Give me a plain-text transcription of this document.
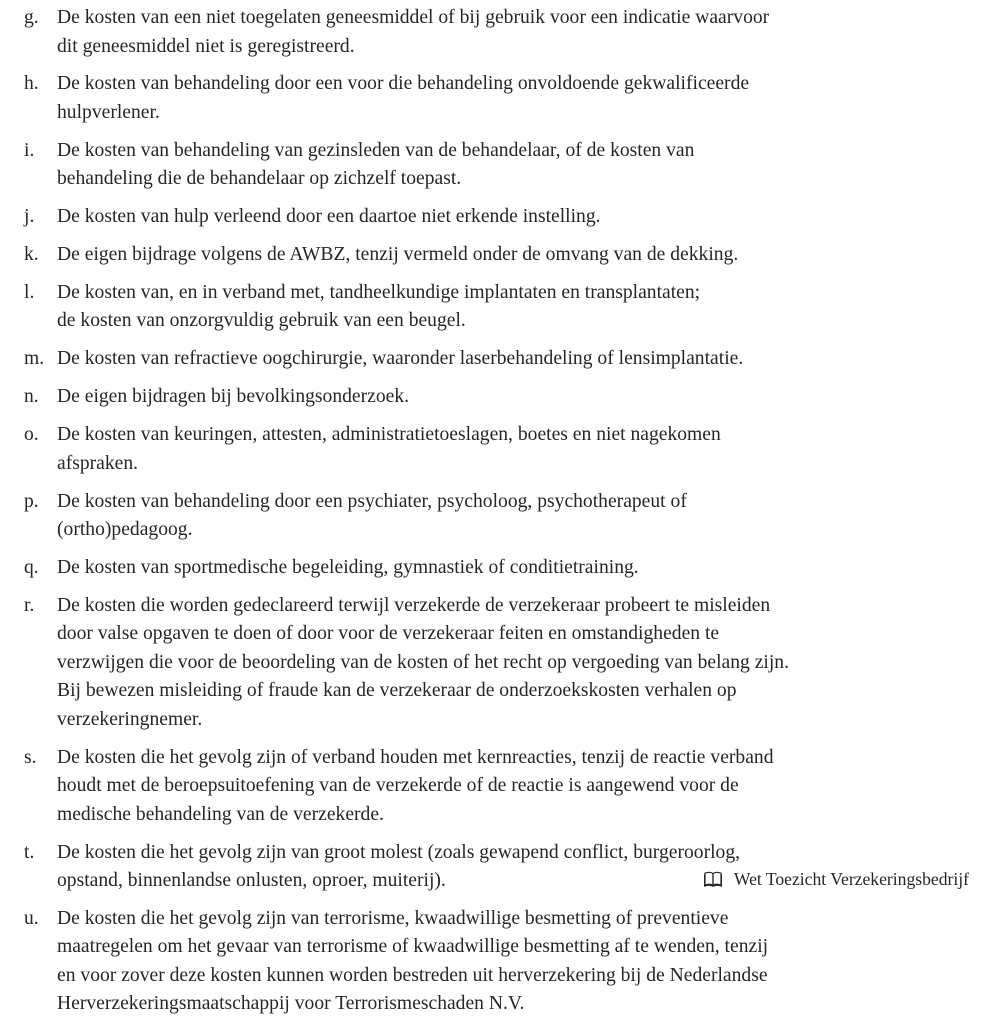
g. De kosten van een niet toegelaten geneesmiddel of bij gebruik voor een indicatie waarvoor
dit geneesmiddel niet is geregistreerd.
h. De kosten van behandeling door een voor die behandeling onvoldoende gekwalificeerde
hulpverlener.
i. De kosten van behandeling van gezinsleden van de behandelaar, of de kosten van
behandeling die de behandelaar op zichzelf toepast.
j. De kosten van hulp verleend door een daartoe niet erkende instelling.
k. De eigen bijdrage volgens de AWBZ, tenzij vermeld onder de omvang van de dekking.
l. De kosten van, en in verband met, tandheelkundige implantaten en transplantaten;
de kosten van onzorgvuldig gebruik van een beugel.
m. De kosten van refractieve oogchirurgie, waaronder laserbehandeling of lensimplantatie.
n. De eigen bijdragen bij bevolkingsonderzoek.
o. De kosten van keuringen, attesten, administratietoeslagen, boetes en niet nagekomen
afspraken.
p. De kosten van behandeling door een psychiater, psycholoog, psychotherapeut of
(ortho)pedagoog.
q. De kosten van sportmedische begeleiding, gymnastiek of conditietraining.
r. De kosten die worden gedeclareerd terwijl verzekerde de verzekeraar probeert te misleiden
door valse opgaven te doen of door voor de verzekeraar feiten en omstandigheden te
verzwijgen die voor de beoordeling van de kosten of het recht op vergoeding van belang zijn.
Bij bewezen misleiding of fraude kan de verzekeraar de onderzoekskosten verhalen op
verzekeringnemer.
s. De kosten die het gevolg zijn of verband houden met kernreacties, tenzij de reactie verband
houdt met de beroepsuitoefening van de verzekerde of de reactie is aangewend voor de
medische behandeling van de verzekerde.
t. De kosten die het gevolg zijn van groot molest (zoals gewapend conflict, burgeroorlog,
opstand, binnenlandse onlusten, oproer, muiterij).	Wet Toezicht Verzekeringsbedrijf
u. De kosten die het gevolg zijn van terrorisme, kwaadwillige besmetting of preventieve
maatregelen om het gevaar van terrorisme of kwaadwillige besmetting af te wenden, tenzij
en voor zover deze kosten kunnen worden bestreden uit herverzekering bij de Nederlandse
Herverzekeringsmaatschappij voor Terrorismeschaden N.V.
